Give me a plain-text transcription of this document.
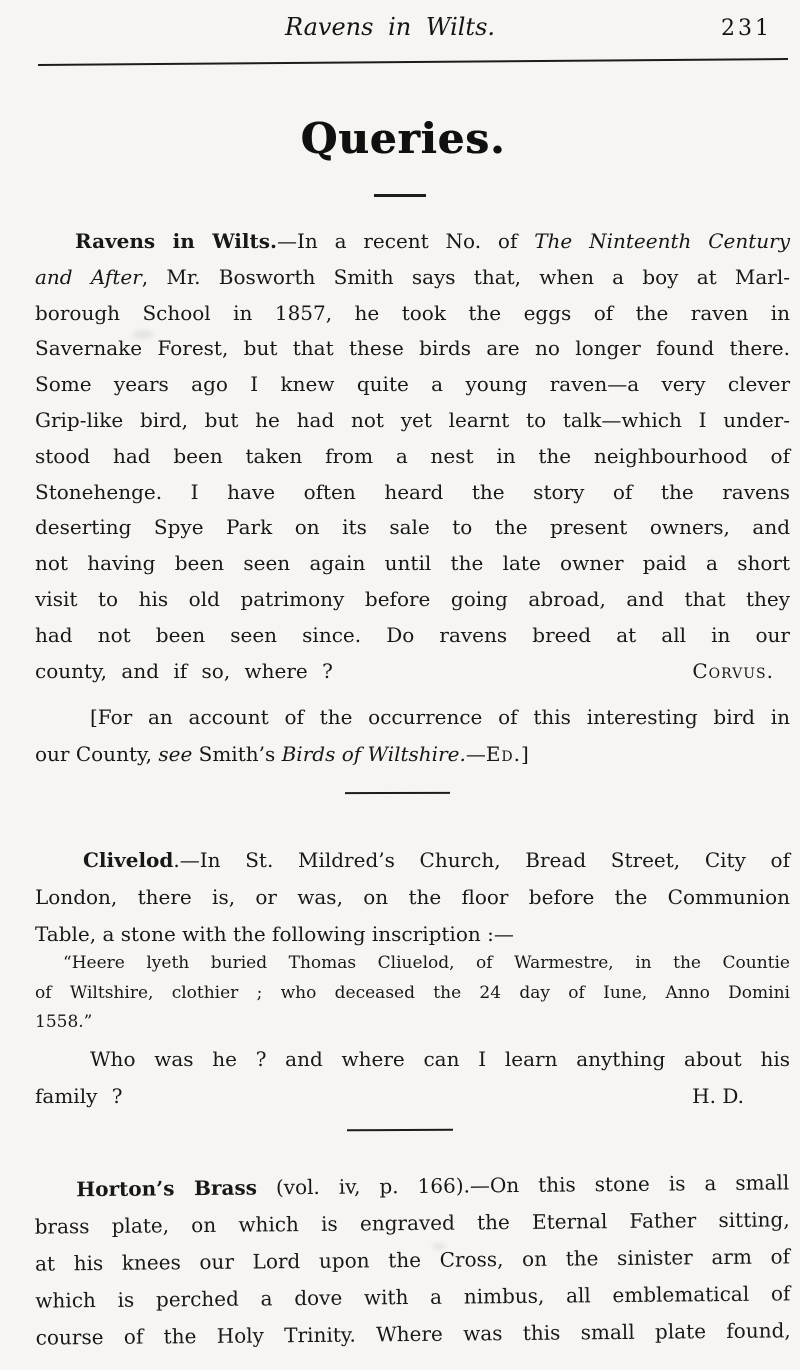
Ravens in Wilts.	231
Queries.
Ravens in Wilts.—In a recent No. of The Ninteenth Century
and After, Mr. Bosworth Smith says that, when a boy at Marl-
borough School in 1857, he took the eggs of the raven in
Savernake Forest, but that these birds are no longer found there.
Some years ago I knew quite a young raven—a very clever
Grip-like bird, but he had not yet learnt to talk—which I under-
stood had been taken from a nest in the neighbourhood of
Stonehenge. I have often heard the story of the ravens
deserting Spye Park on its sale to the present owners, and
not having been seen again until the late owner paid a short
visit to his old patrimony before going abroad, and that they
had not been seen since. Do ravens breed at all in our
county, and if so, where ?	Corvus.
[For an account of the occurrence of this interesting bird in
our County, see Smith’s Birds of Wiltshire.—Ed.]
Clivelod.—In St. Mildred’s Church, Bread Street, City of
London, there is, or was, on the floor before the Communion
Table, a stone with the following inscription :—
“Heere lyeth buried Thomas Cliuelod, of Warmestre, in the Countie
of Wiltshire, clothier ; who deceased the 24 day of Iune, Anno Domini
1558.”
Who was he ? and where can I learn anything about his
family ?	H. D.
Horton’s Brass (vol. iv, p. 166).—On this stone is a small
brass plate, on which is engraved the Eternal Father sitting,
at his knees our Lord upon the Cross, on the sinister arm of
which is perched a dove with a nimbus, all emblematical of
course of the Holy Trinity. Where was this small plate found,
